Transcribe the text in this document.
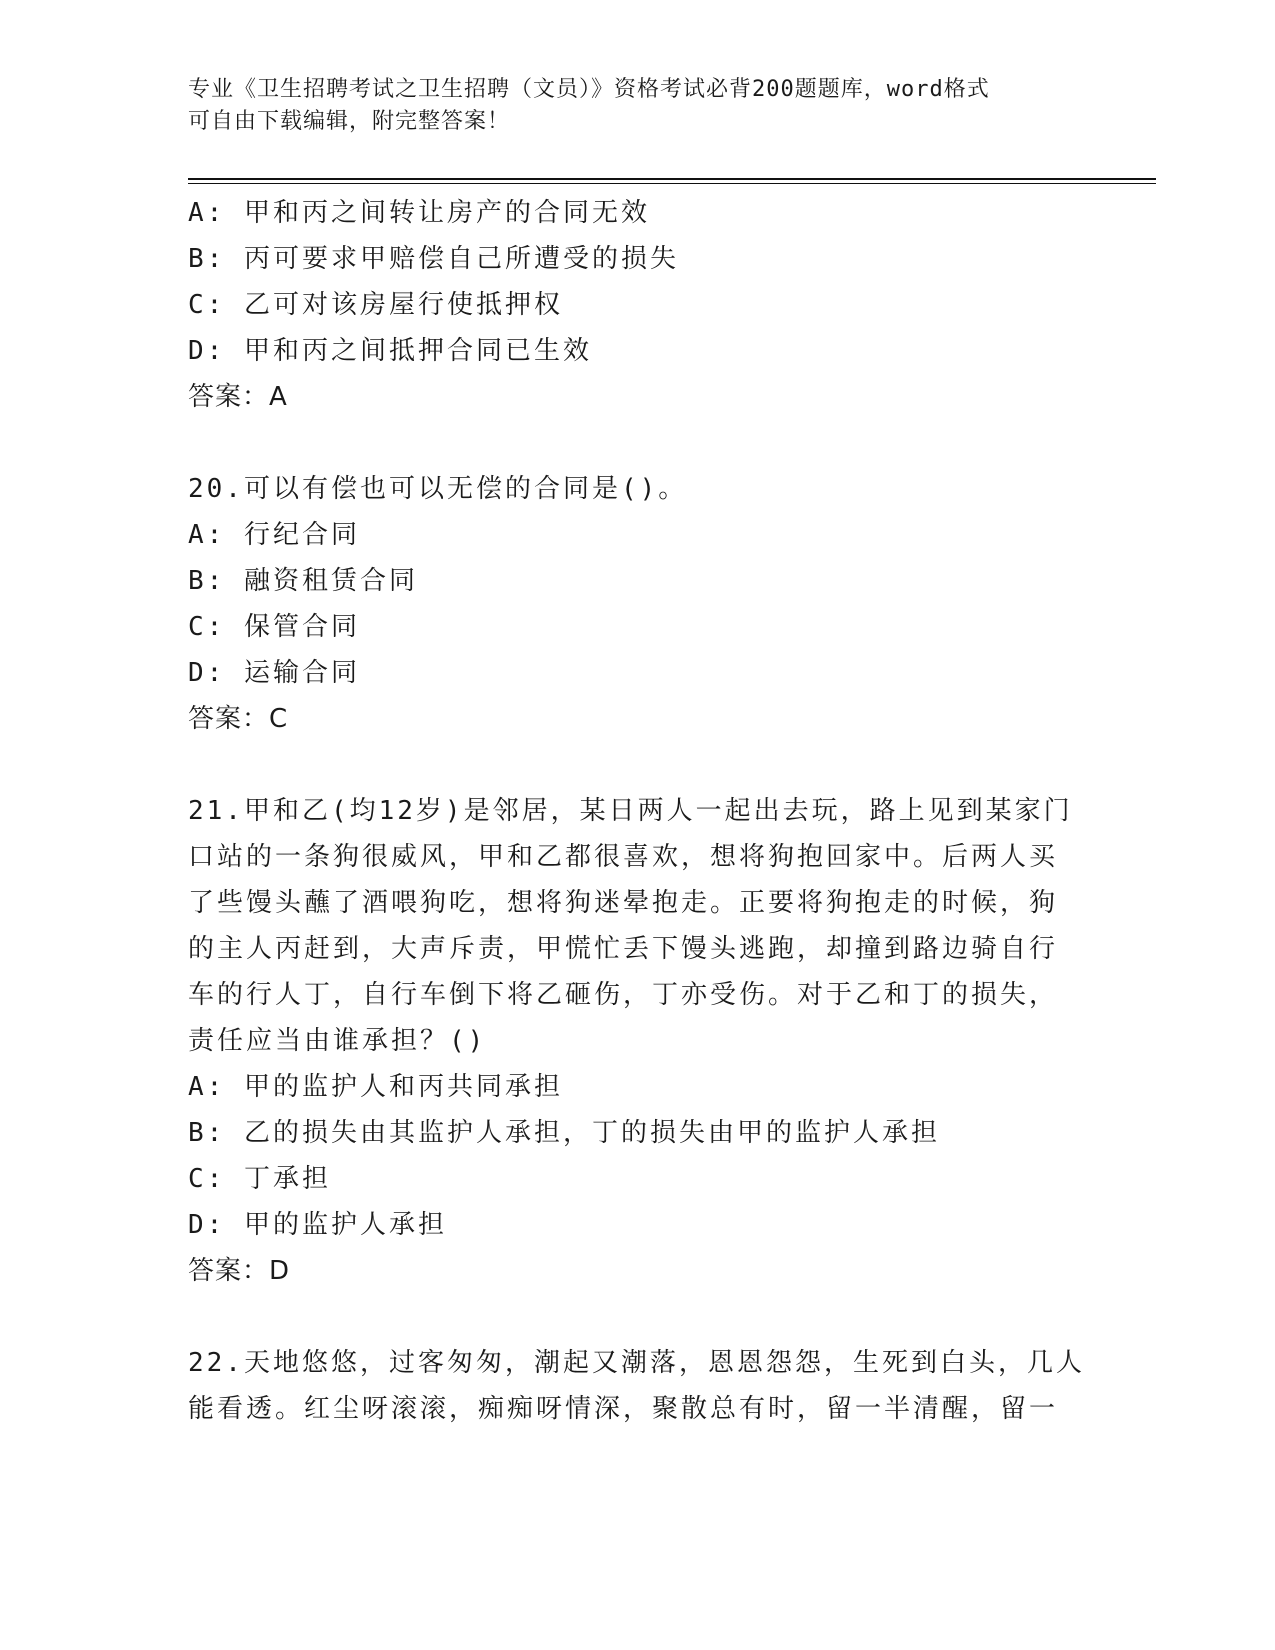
专业《卫生招聘考试之卫生招聘（文员）》资格考试必背200题题库，word格式
可自由下载编辑，附完整答案！
A: 甲和丙之间转让房产的合同无效
B: 丙可要求甲赔偿自己所遭受的损失
C: 乙可对该房屋行使抵押权
D: 甲和丙之间抵押合同已生效
答案：A
20.可以有偿也可以无偿的合同是()。
A: 行纪合同
B: 融资租赁合同
C: 保管合同
D: 运输合同
答案：C
21.甲和乙(均12岁)是邻居，某日两人一起出去玩，路上见到某家门
口站的一条狗很威风，甲和乙都很喜欢，想将狗抱回家中。后两人买
了些馒头蘸了酒喂狗吃，想将狗迷晕抱走。正要将狗抱走的时候，狗
的主人丙赶到，大声斥责，甲慌忙丢下馒头逃跑，却撞到路边骑自行
车的行人丁，自行车倒下将乙砸伤，丁亦受伤。对于乙和丁的损失，
责任应当由谁承担？()
A: 甲的监护人和丙共同承担
B: 乙的损失由其监护人承担，丁的损失由甲的监护人承担
C: 丁承担
D: 甲的监护人承担
答案：D
22.天地悠悠，过客匆匆，潮起又潮落，恩恩怨怨，生死到白头，几人
能看透。红尘呀滚滚，痴痴呀情深，聚散总有时，留一半清醒，留一
